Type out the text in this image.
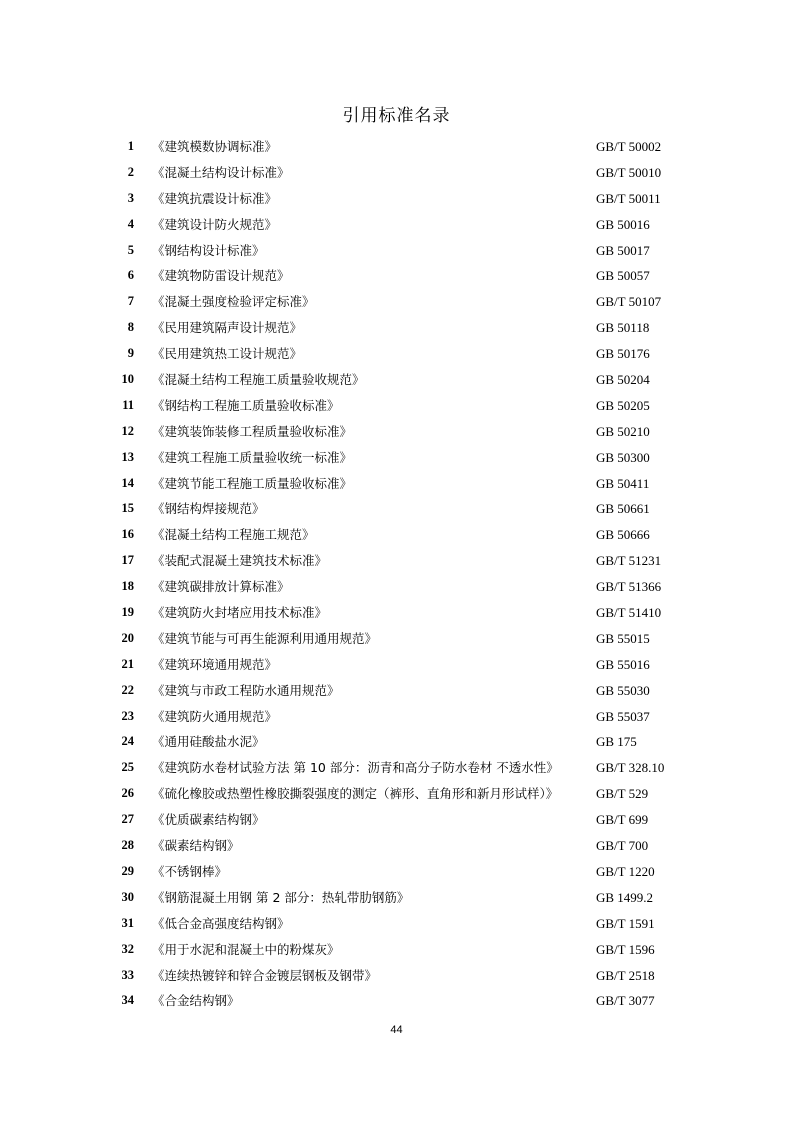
引用标准名录
1 《建筑模数协调标准》	GB/T 50002
2 《混凝土结构设计标准》	GB/T 50010
3 《建筑抗震设计标准》	GB/T 50011
4 《建筑设计防火规范》	GB 50016
5 《钢结构设计标准》	GB 50017
6 《建筑物防雷设计规范》	GB 50057
7 《混凝土强度检验评定标准》	GB/T 50107
8 《民用建筑隔声设计规范》	GB 50118
9 《民用建筑热工设计规范》	GB 50176
10 《混凝土结构工程施工质量验收规范》	GB 50204
11 《钢结构工程施工质量验收标准》	GB 50205
12 《建筑装饰装修工程质量验收标准》	GB 50210
13 《建筑工程施工质量验收统一标准》	GB 50300
14 《建筑节能工程施工质量验收标准》	GB 50411
15 《钢结构焊接规范》	GB 50661
16 《混凝土结构工程施工规范》	GB 50666
17 《装配式混凝土建筑技术标准》	GB/T 51231
18 《建筑碳排放计算标准》	GB/T 51366
19 《建筑防火封堵应用技术标准》	GB/T 51410
20 《建筑节能与可再生能源利用通用规范》	GB 55015
21 《建筑环境通用规范》	GB 55016
22 《建筑与市政工程防水通用规范》	GB 55030
23 《建筑防火通用规范》	GB 55037
24 《通用硅酸盐水泥》	GB 175
25 《建筑防水卷材试验方法 第 10 部分：沥青和高分子防水卷材 不透水性》	GB/T 328.10
26 《硫化橡胶或热塑性橡胶撕裂强度的测定（裤形、直角形和新月形试样）》	GB/T 529
27 《优质碳素结构钢》	GB/T 699
28 《碳素结构钢》	GB/T 700
29 《不锈钢棒》	GB/T 1220
30 《钢筋混凝土用钢 第 2 部分：热轧带肋钢筋》	GB 1499.2
31 《低合金高强度结构钢》	GB/T 1591
32 《用于水泥和混凝土中的粉煤灰》	GB/T 1596
33 《连续热镀锌和锌合金镀层钢板及钢带》	GB/T 2518
34 《合金结构钢》	GB/T 3077
44
